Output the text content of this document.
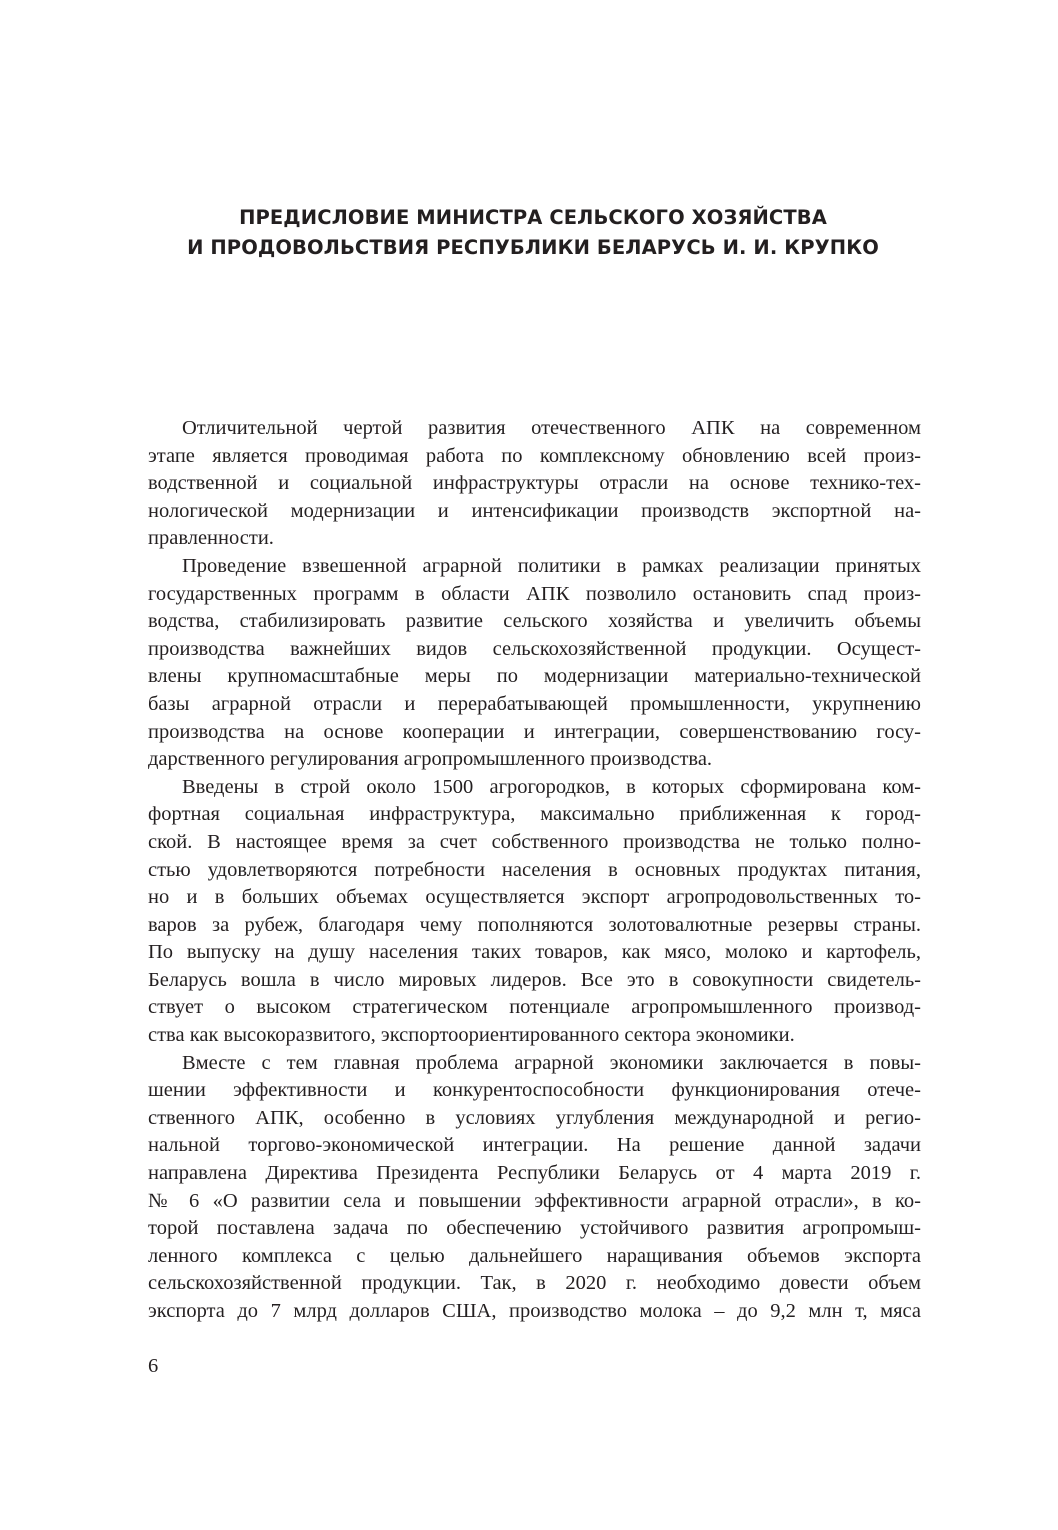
ПРЕДИСЛОВИЕ МИНИСТРА СЕЛЬСКОГО ХОЗЯЙСТВА
И ПРОДОВОЛЬСТВИЯ РЕСПУБЛИКИ БЕЛАРУСЬ И. И. КРУПКО
Отличительной чертой развития отечественного АПК на современном
этапе является проводимая работа по комплексному обновлению всей произ-
водственной и социальной инфраструктуры отрасли на основе технико-тех-
нологической модернизации и интенсификации производств экспортной на-
правленности.
Проведение взвешенной аграрной политики в рамках реализации принятых
государственных программ в области АПК позволило остановить спад произ-
водства, стабилизировать развитие сельского хозяйства и увеличить объемы
производства важнейших видов сельскохозяйственной продукции. Осущест-
влены крупномасштабные меры по модернизации материально-технической
базы аграрной отрасли и перерабатывающей промышленности, укрупнению
производства на основе кооперации и интеграции, совершенствованию госу-
дарственного регулирования агропромышленного производства.
Введены в строй около 1500 агрогородков, в которых сформирована ком-
фортная социальная инфраструктура, максимально приближенная к город-
ской. В настоящее время за счет собственного производства не только полно-
стью удовлетворяются потребности населения в основных продуктах питания,
но и в больших объемах осуществляется экспорт агропродовольственных то-
варов за рубеж, благодаря чему пополняются золотовалютные резервы страны.
По выпуску на душу населения таких товаров, как мясо, молоко и картофель,
Беларусь вошла в число мировых лидеров. Все это в совокупности свидетель-
ствует о высоком стратегическом потенциале агропромышленного производ-
ства как высокоразвитого, экспортоориентированного сектора экономики.
Вместе с тем главная проблема аграрной экономики заключается в повы-
шении эффективности и конкурентоспособности функционирования отече-
ственного АПК, особенно в условиях углубления международной и регио-
нальной торгово-экономической интеграции. На решение данной задачи
направлена Директива Президента Республики Беларусь от 4 марта 2019 г.
№ 6 «О развитии села и повышении эффективности аграрной отрасли», в ко-
торой поставлена задача по обеспечению устойчивого развития агропромыш-
ленного комплекса с целью дальнейшего наращивания объемов экспорта
сельскохозяйственной продукции. Так, в 2020 г. необходимо довести объем
экспорта до 7 млрд долларов США, производство молока – до 9,2 млн т, мяса

6
